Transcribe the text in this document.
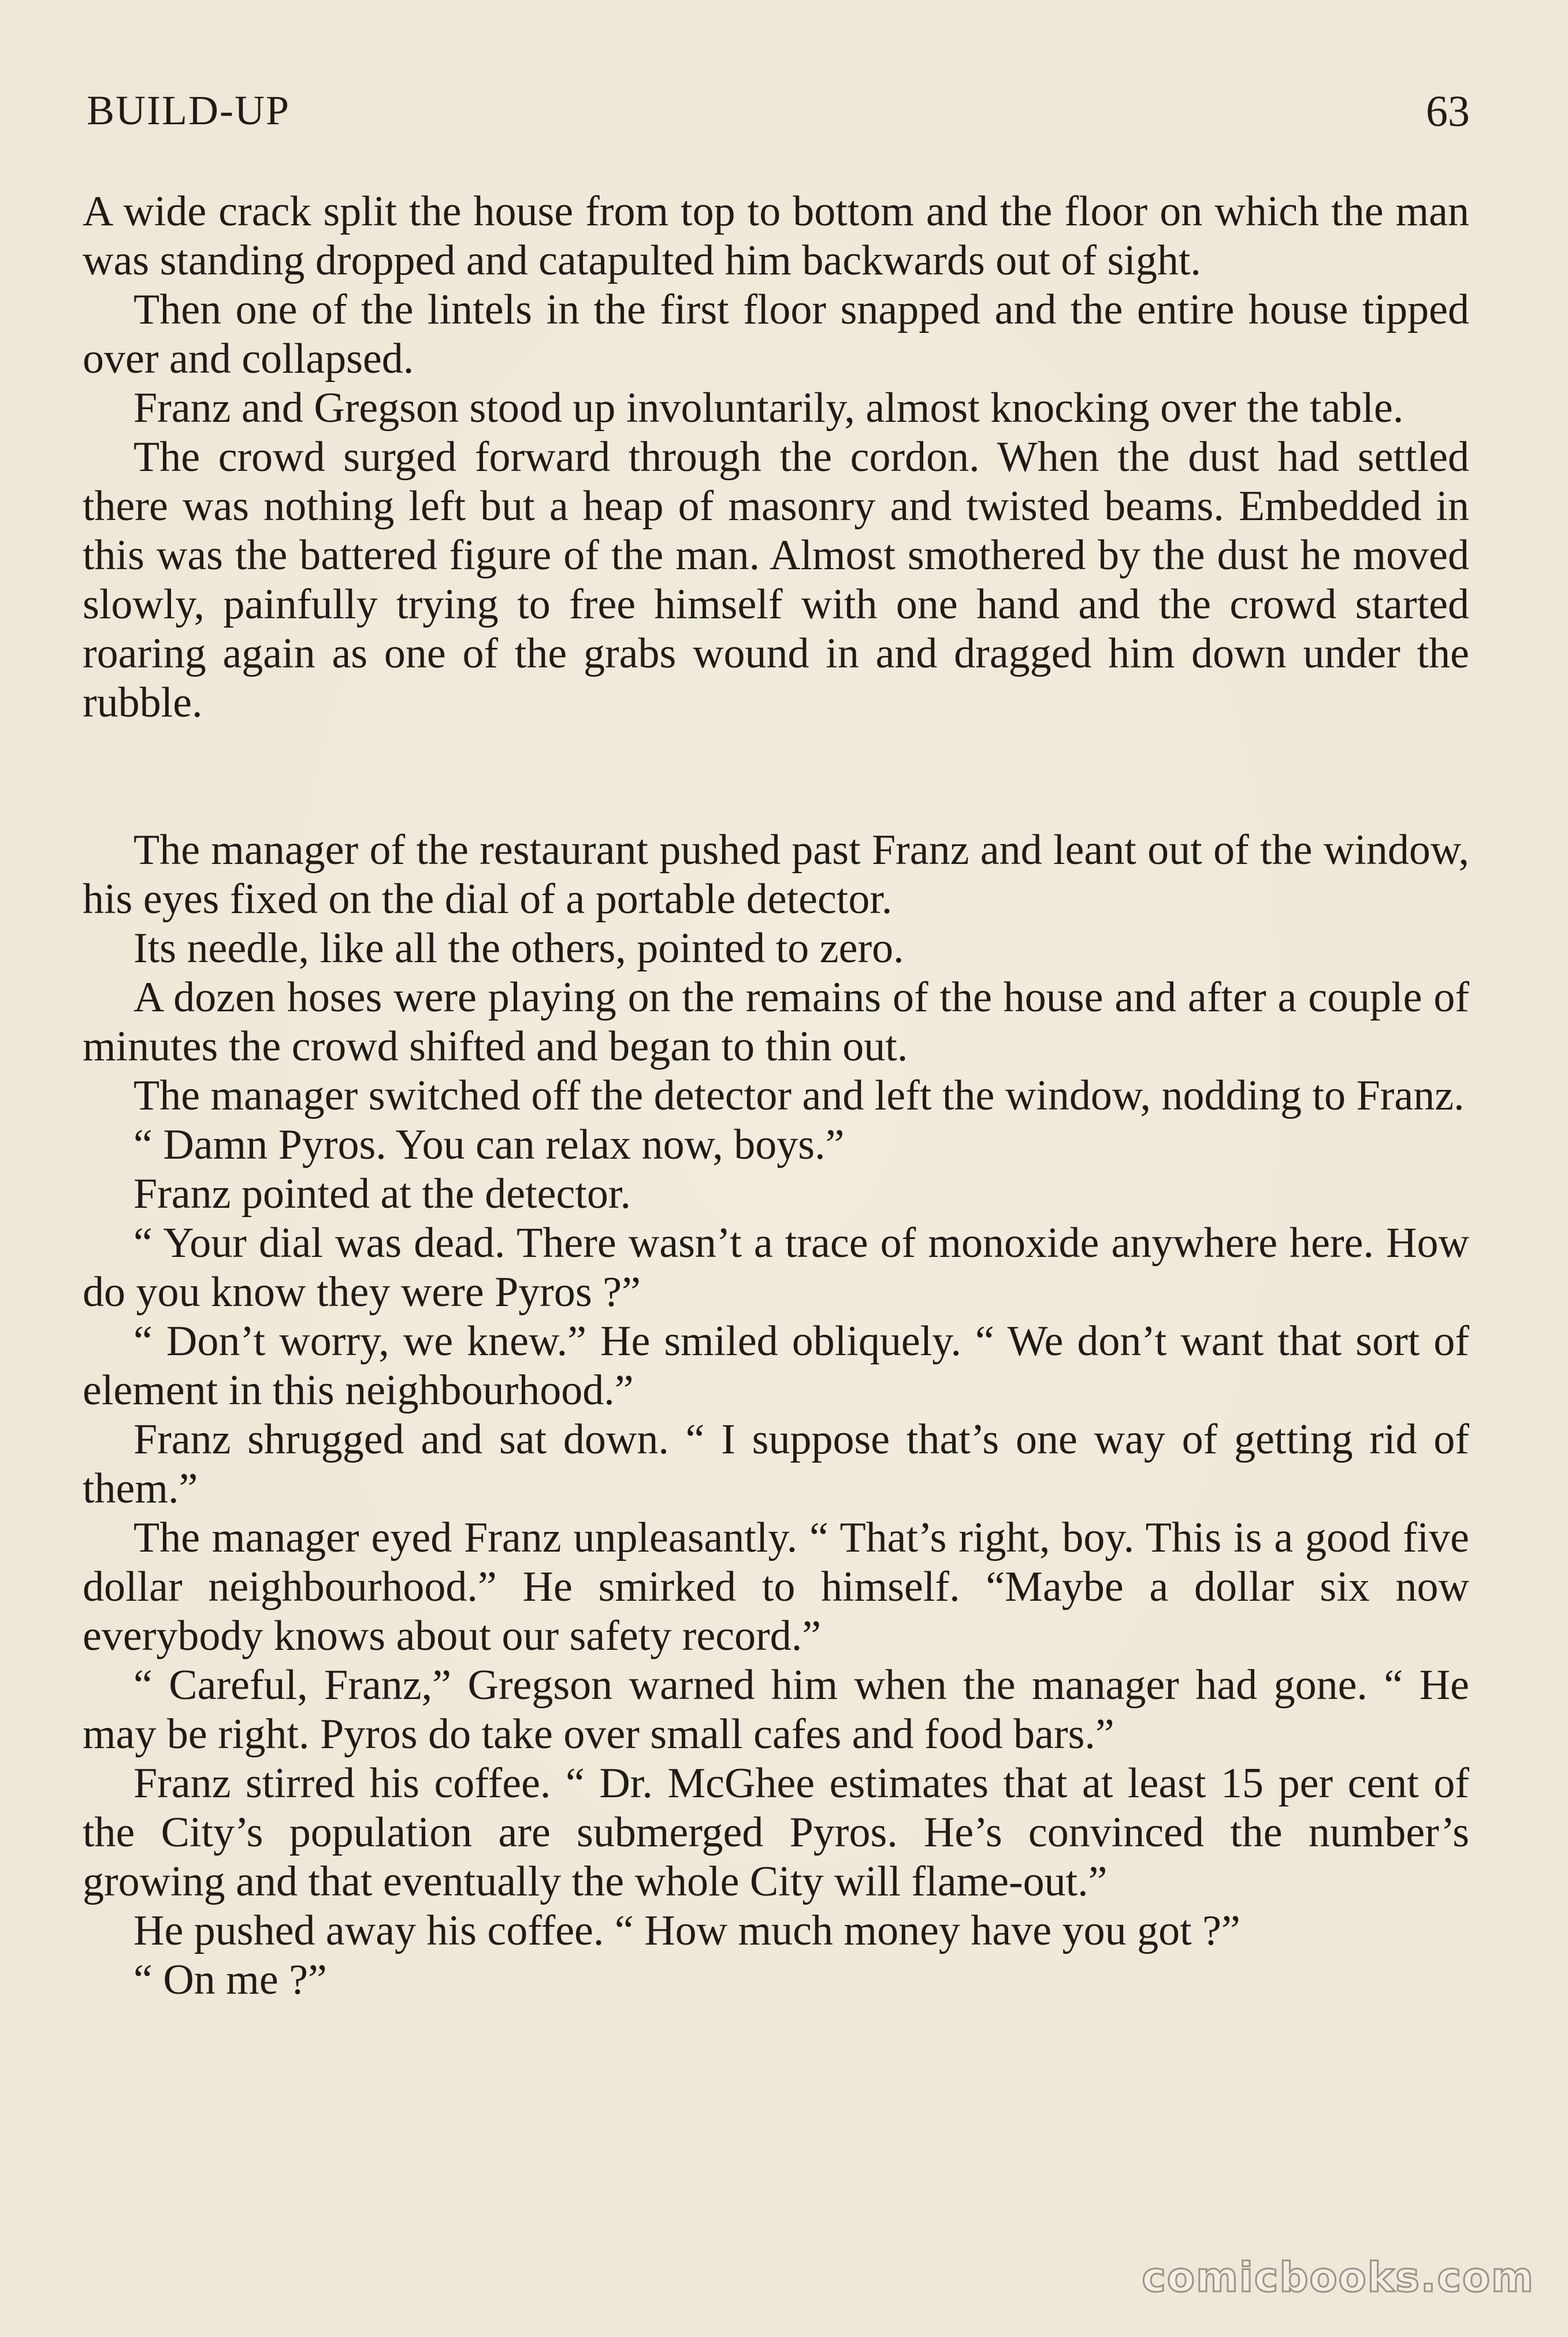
BUILD-UP	63

A wide crack split the house from top to bottom and the floor on which the man was standing dropped and catapulted him backwards out of sight.

Then one of the lintels in the first floor snapped and the entire house tipped over and collapsed.

Franz and Gregson stood up involuntarily, almost knocking over the table.

The crowd surged forward through the cordon. When the dust had settled there was nothing left but a heap of masonry and twisted beams. Embedded in this was the battered figure of the man. Almost smothered by the dust he moved slowly, painfully trying to free himself with one hand and the crowd started roaring again as one of the grabs wound in and dragged him down under the rubble.

The manager of the restaurant pushed past Franz and leant out of the window, his eyes fixed on the dial of a portable detector.

Its needle, like all the others, pointed to zero.

A dozen hoses were playing on the remains of the house and after a couple of minutes the crowd shifted and began to thin out.

The manager switched off the detector and left the window, nodding to Franz.

“ Damn Pyros. You can relax now, boys.”

Franz pointed at the detector.

“ Your dial was dead. There wasn’t a trace of monoxide anywhere here. How do you know they were Pyros ?”

“ Don’t worry, we knew.” He smiled obliquely. “ We don’t want that sort of element in this neighbourhood.”

Franz shrugged and sat down. “ I suppose that’s one way of getting rid of them.”

The manager eyed Franz unpleasantly. “ That’s right, boy. This is a good five dollar neighbourhood.” He smirked to himself. “Maybe a dollar six now everybody knows about our safety record.”

“ Careful, Franz,” Gregson warned him when the manager had gone. “ He may be right. Pyros do take over small cafes and food bars.”

Franz stirred his coffee. “ Dr. McGhee estimates that at least 15 per cent of the City’s population are submerged Pyros. He’s convinced the number’s growing and that eventually the whole City will flame-out.”

He pushed away his coffee. “ How much money have you got ?”

“ On me ?”

comicbooks.com
